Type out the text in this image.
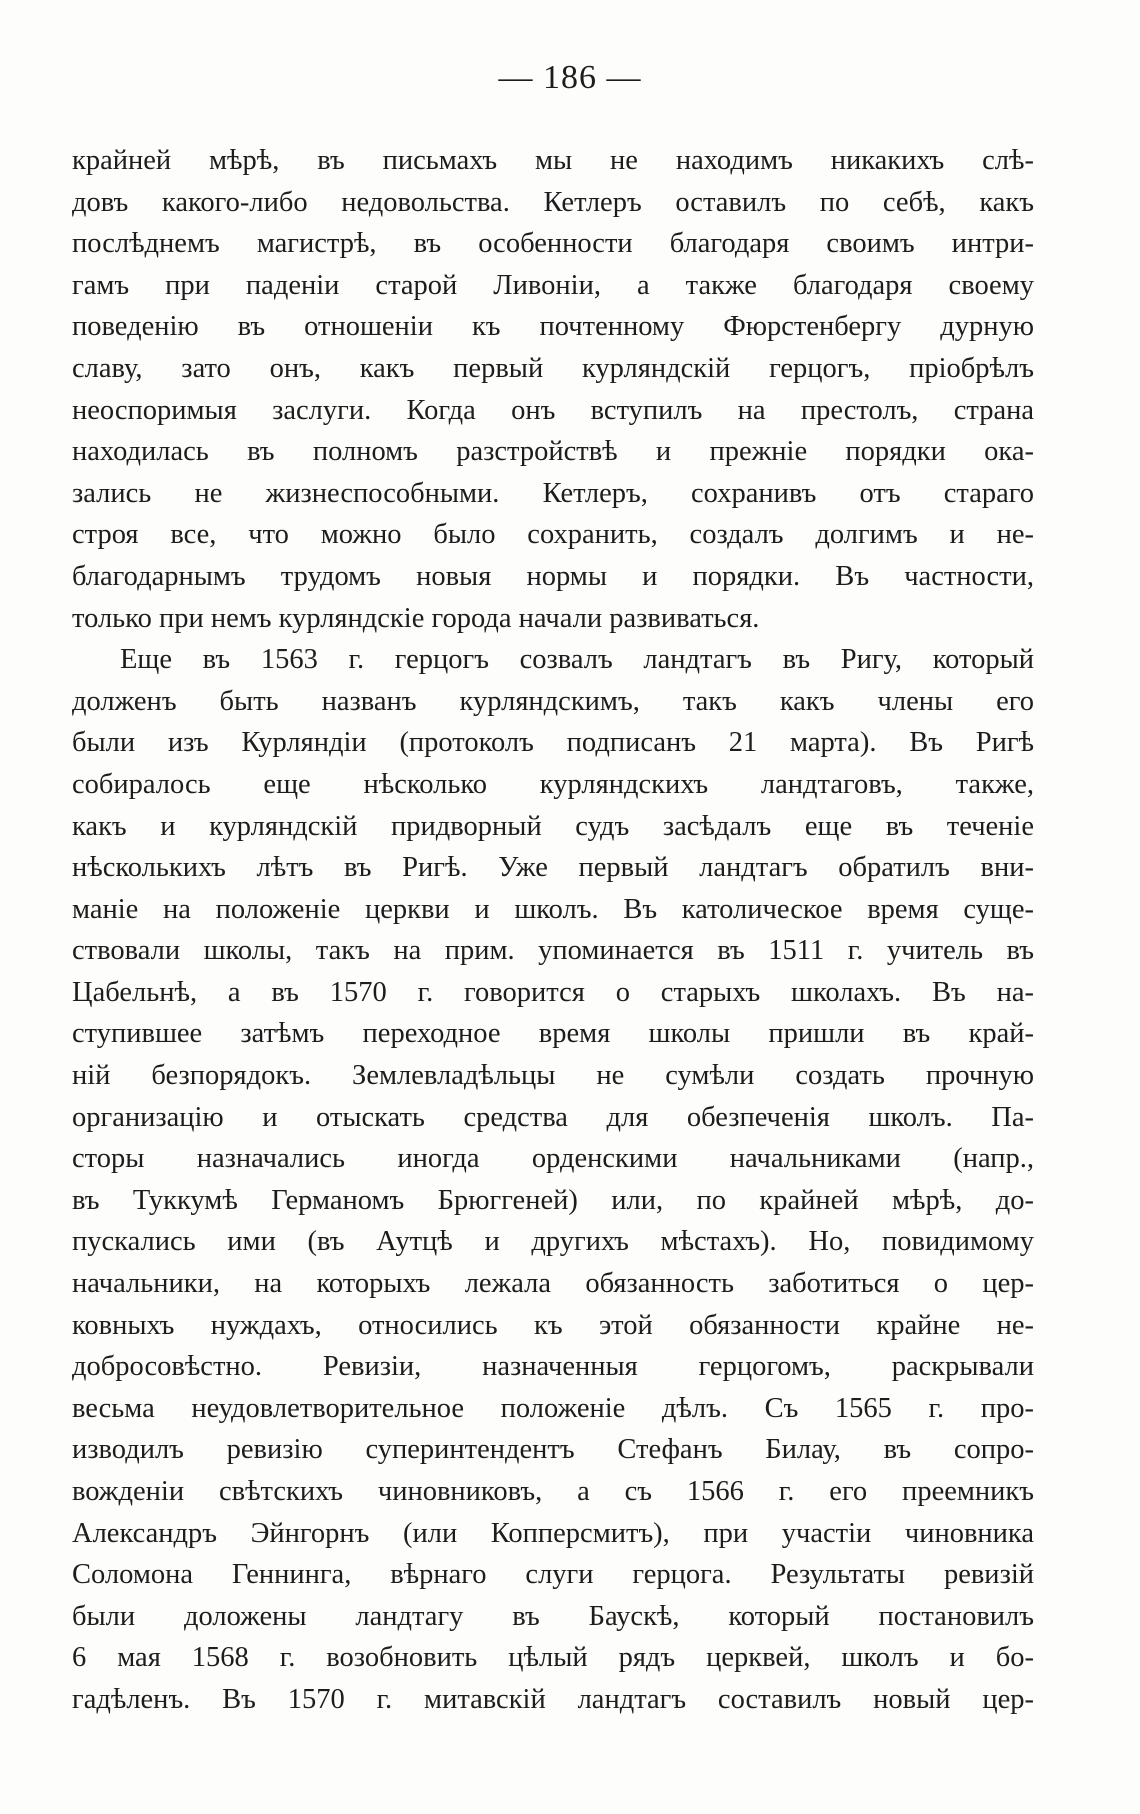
— 186 —
крайней мѣрѣ, въ письмахъ мы не находимъ никакихъ слѣ-
довъ какого-либо недовольства. Кетлеръ оставилъ по себѣ, какъ
послѣднемъ магистрѣ, въ особенности благодаря своимъ интри-
гамъ при паденіи старой Ливоніи, а также благодаря своему
поведенію въ отношеніи къ почтенному Фюрстенбергу дурную
славу, зато онъ, какъ первый курляндскій герцогъ, пріобрѣлъ
неоспоримыя заслуги. Когда онъ вступилъ на престолъ, страна
находилась въ полномъ разстройствѣ и прежніе порядки ока-
зались не жизнеспособными. Кетлеръ, сохранивъ отъ стараго
строя все, что можно было сохранить, создалъ долгимъ и не-
благодарнымъ трудомъ новыя нормы и порядки. Въ частности,
только при немъ курляндскіе города начали развиваться.
Еще въ 1563 г. герцогъ созвалъ ландтагъ въ Ригу, который
долженъ быть названъ курляндскимъ, такъ какъ члены его
были изъ Курляндіи (протоколъ подписанъ 21 марта). Въ Ригѣ
собиралось еще нѣсколько курляндскихъ ландтаговъ, также,
какъ и курляндскій придворный судъ засѣдалъ еще въ теченіе
нѣсколькихъ лѣтъ въ Ригѣ. Уже первый ландтагъ обратилъ вни-
маніе на положеніе церкви и школъ. Въ католическое время суще-
ствовали школы, такъ на прим. упоминается въ 1511 г. учитель въ
Цабельнѣ, а въ 1570 г. говорится о старыхъ школахъ. Въ на-
ступившее затѣмъ переходное время школы пришли въ край-
ній безпорядокъ. Землевладѣльцы не сумѣли создать прочную
организацію и отыскать средства для обезпеченія школъ. Па-
сторы назначались иногда орденскими начальниками (напр.,
въ Туккумѣ Германомъ Брюггеней) или, по крайней мѣрѣ, до-
пускались ими (въ Аутцѣ и другихъ мѣстахъ). Но, повидимому
начальники, на которыхъ лежала обязанность заботиться о цер-
ковныхъ нуждахъ, относились къ этой обязанности крайне не-
добросовѣстно. Ревизіи, назначенныя герцогомъ, раскрывали
весьма неудовлетворительное положеніе дѣлъ. Съ 1565 г. про-
изводилъ ревизію суперинтендентъ Стефанъ Билау, въ сопро-
вожденіи свѣтскихъ чиновниковъ, а съ 1566 г. его преемникъ
Александръ Эйнгорнъ (или Копперсмитъ), при участіи чиновника
Соломона Геннинга, вѣрнаго слуги герцога. Результаты ревизій
были доложены ландтагу въ Баускѣ, который постановилъ
6 мая 1568 г. возобновить цѣлый рядъ церквей, школъ и бо-
гадѣленъ. Въ 1570 г. митавскій ландтагъ составилъ новый цер-
